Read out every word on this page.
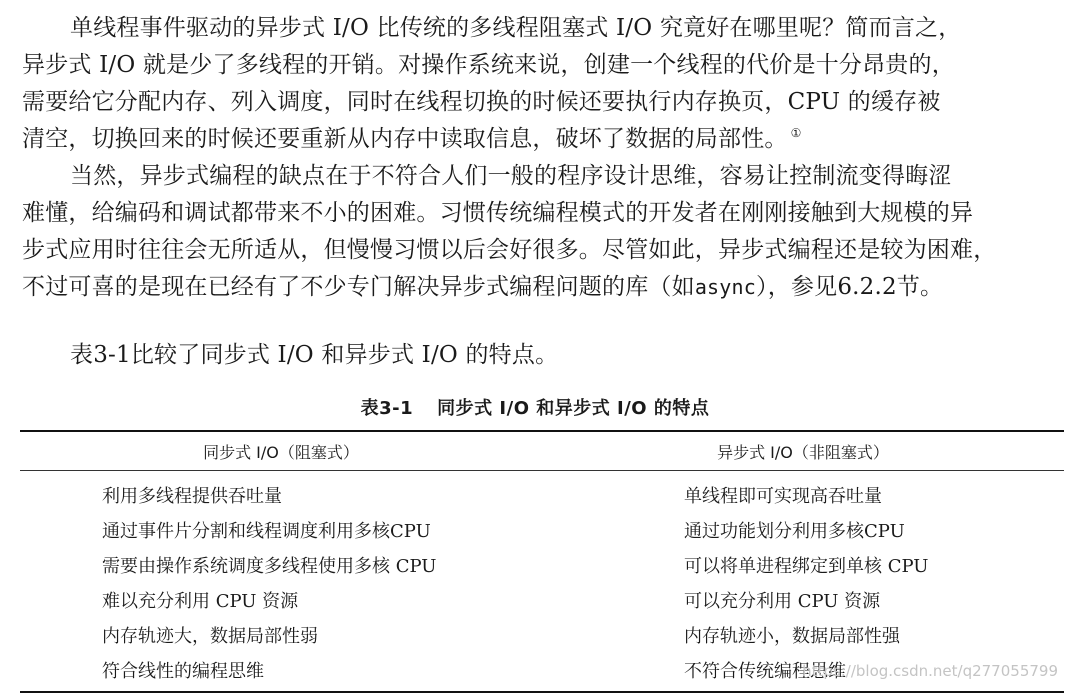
单线程事件驱动的异步式 I/O 比传统的多线程阻塞式 I/O 究竟好在哪里呢？简而言之，
异步式 I/O 就是少了多线程的开销。对操作系统来说，创建一个线程的代价是十分昂贵的，
需要给它分配内存、列入调度，同时在线程切换的时候还要执行内存换页，CPU 的缓存被
清空，切换回来的时候还要重新从内存中读取信息，破坏了数据的局部性。 ①

当然，异步式编程的缺点在于不符合人们一般的程序设计思维，容易让控制流变得晦涩
难懂，给编码和调试都带来不小的困难。习惯传统编程模式的开发者在刚刚接触到大规模的异
步式应用时往往会无所适从，但慢慢习惯以后会好很多。尽管如此，异步式编程还是较为困难，
不过可喜的是现在已经有了不少专门解决异步式编程问题的库（如async），参见6.2.2节。

表3-1比较了同步式 I/O 和异步式 I/O 的特点。

表3-1 同步式 I/O 和异步式 I/O 的特点
同步式 I/O（阻塞式）	异步式 I/O（非阻塞式）
利用多线程提供吞吐量	单线程即可实现高吞吐量
通过事件片分割和线程调度利用多核CPU	通过功能划分利用多核CPU
需要由操作系统调度多线程使用多核 CPU	可以将单进程绑定到单核 CPU
难以充分利用 CPU 资源	可以充分利用 CPU 资源
内存轨迹大，数据局部性弱	内存轨迹小，数据局部性强
符合线性的编程思维	不符合传统编程思维
https://blog.csdn.net/q277055799
